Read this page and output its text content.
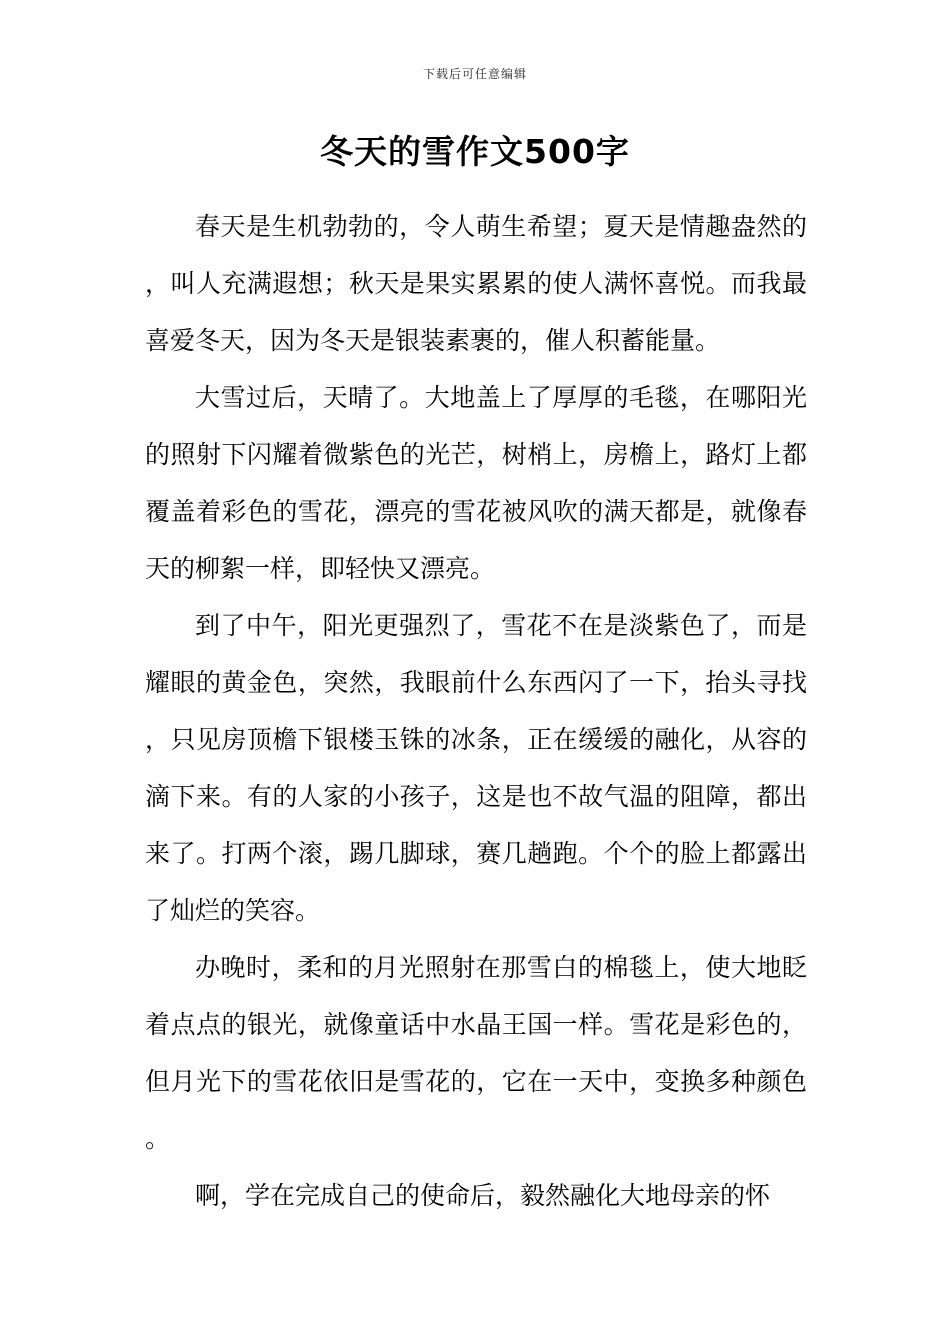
下载后可任意编辑
冬天的雪作文500字

春天是生机勃勃的，令人萌生希望；夏天是情趣盎然的，叫人充满遐想；秋天是果实累累的使人满怀喜悦。而我最喜爱冬天，因为冬天是银装素裹的，催人积蓄能量。

大雪过后，天晴了。大地盖上了厚厚的毛毯，在哪阳光的照射下闪耀着微紫色的光芒，树梢上，房檐上，路灯上都覆盖着彩色的雪花，漂亮的雪花被风吹的满天都是，就像春天的柳絮一样，即轻快又漂亮。

到了中午，阳光更强烈了，雪花不在是淡紫色了，而是耀眼的黄金色，突然，我眼前什么东西闪了一下，抬头寻找，只见房顶檐下银楼玉铢的冰条，正在缓缓的融化，从容的滴下来。有的人家的小孩子，这是也不故气温的阻障，都出来了。打两个滚，踢几脚球，赛几趟跑。个个的脸上都露出了灿烂的笑容。

办晚时，柔和的月光照射在那雪白的棉毯上，使大地眨着点点的银光，就像童话中水晶王国一样。雪花是彩色的，但月光下的雪花依旧是雪花的，它在一天中，变换多种颜色。

啊，学在完成自己的使命后，毅然融化大地母亲的怀
